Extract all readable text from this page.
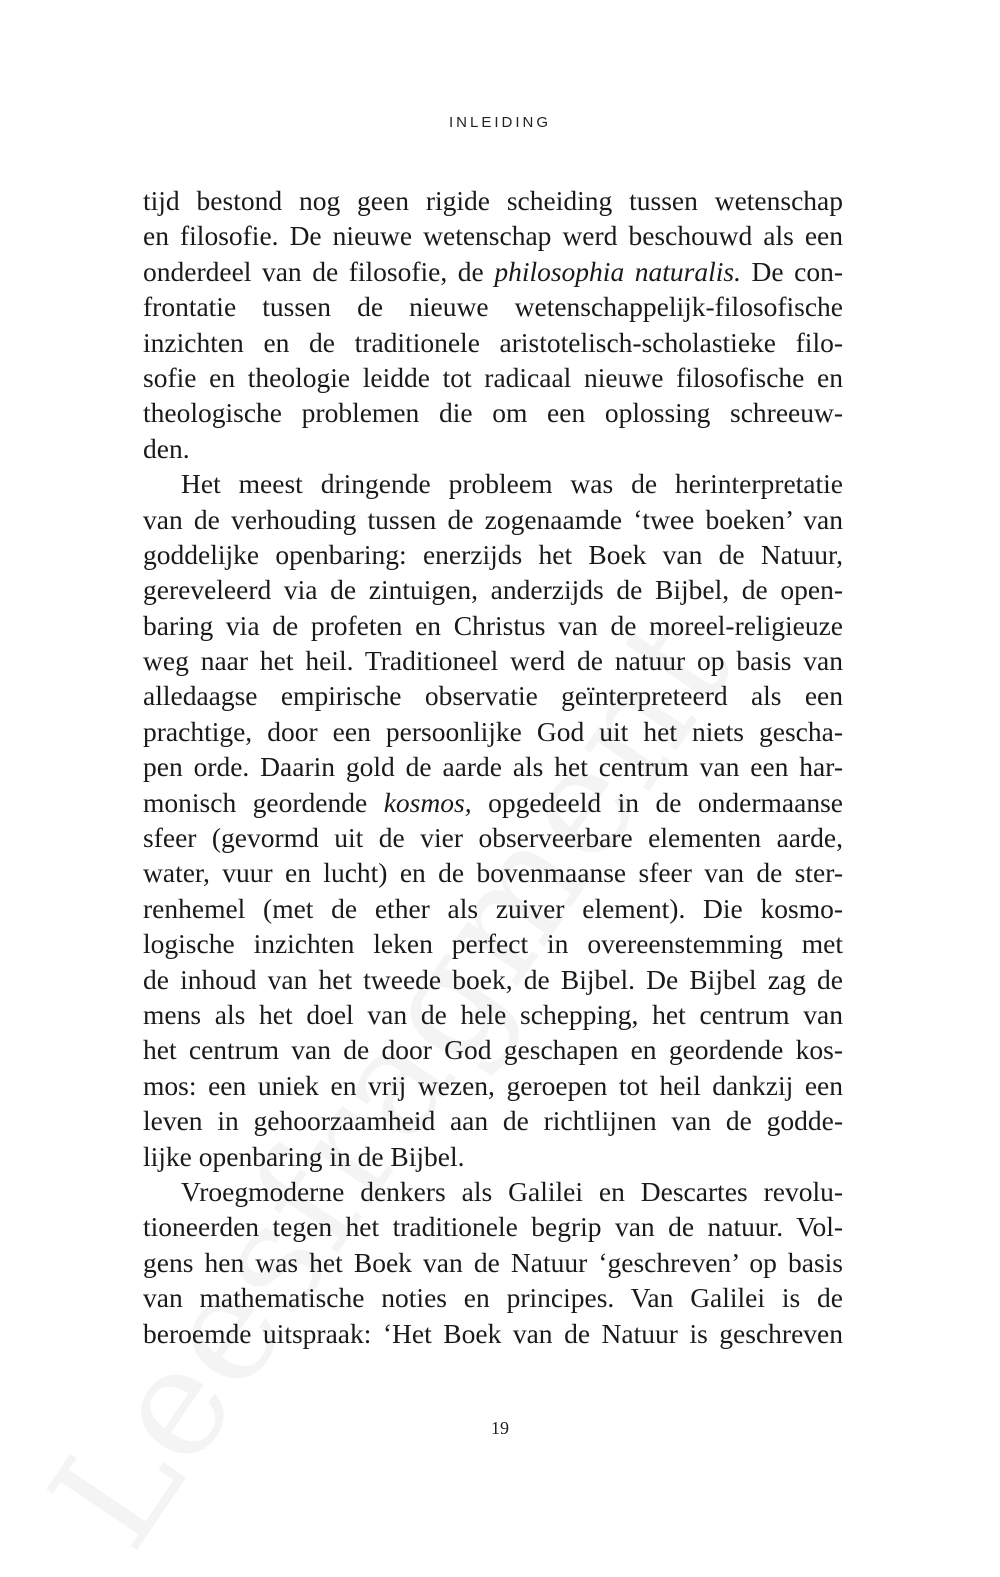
INLEIDING
tijd bestond nog geen rigide scheiding tussen wetenschap
en filosofie. De nieuwe wetenschap werd beschouwd als een
onderdeel van de filosofie, de philosophia naturalis. De con-
frontatie tussen de nieuwe wetenschappelijk-filosofische
inzichten en de traditionele aristotelisch-scholastieke filo-
sofie en theologie leidde tot radicaal nieuwe filosofische en
theologische problemen die om een oplossing schreeuw-
den.
Het meest dringende probleem was de herinterpretatie
van de verhouding tussen de zogenaamde ‘twee boeken’ van
goddelijke openbaring: enerzijds het Boek van de Natuur,
gereveleerd via de zintuigen, anderzijds de Bijbel, de open-
baring via de profeten en Christus van de moreel-religieuze
weg naar het heil. Traditioneel werd de natuur op basis van
alledaagse empirische observatie geïnterpreteerd als een
prachtige, door een persoonlijke God uit het niets gescha-
pen orde. Daarin gold de aarde als het centrum van een har-
monisch geordende kosmos, opgedeeld in de ondermaanse
sfeer (gevormd uit de vier observeerbare elementen aarde,
water, vuur en lucht) en de bovenmaanse sfeer van de ster-
renhemel (met de ether als zuiver element). Die kosmo-
logische inzichten leken perfect in overeenstemming met
de inhoud van het tweede boek, de Bijbel. De Bijbel zag de
mens als het doel van de hele schepping, het centrum van
het centrum van de door God geschapen en geordende kos-
mos: een uniek en vrij wezen, geroepen tot heil dankzij een
leven in gehoorzaamheid aan de richtlijnen van de godde-
lijke openbaring in de Bijbel.
Vroegmoderne denkers als Galilei en Descartes revolu-
tioneerden tegen het traditionele begrip van de natuur. Vol-
gens hen was het Boek van de Natuur ‘geschreven’ op basis
van mathematische noties en principes. Van Galilei is de
beroemde uitspraak: ‘Het Boek van de Natuur is geschreven
19
